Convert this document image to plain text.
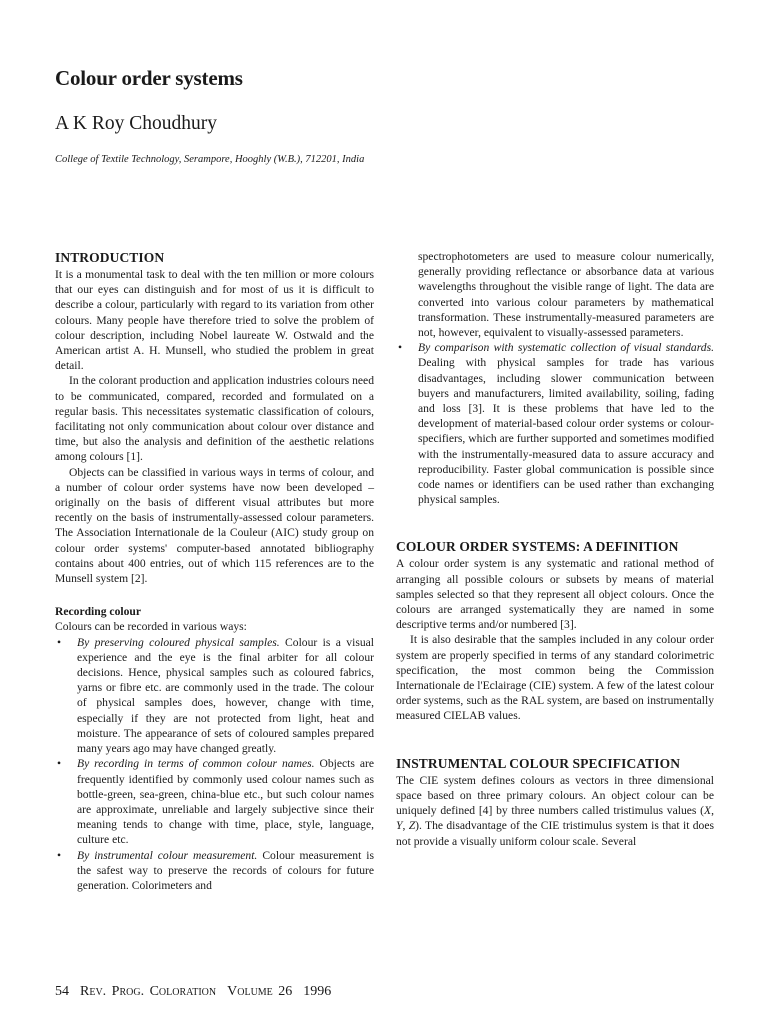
Colour order systems
A K Roy Choudhury
College of Textile Technology, Serampore, Hooghly (W.B.), 712201, India
INTRODUCTION

It is a monumental task to deal with the ten million or more colours that our eyes can distinguish and for most of us it is difficult to describe a colour, particularly with regard to its variation from other colours. Many people have therefore tried to solve the problem of colour description, including Nobel laureate W. Ostwald and the American artist A. H. Munsell, who studied the problem in great detail.

In the colorant production and application industries colours need to be communicated, compared, recorded and formulated on a regular basis. This necessitates systematic classification of colours, facilitating not only communication about colour over distance and time, but also the analysis and definition of the aesthetic relations among colours [1].

Objects can be classified in various ways in terms of colour, and a number of colour order systems have now been developed – originally on the basis of different visual attributes but more recently on the basis of instrumentally-assessed colour parameters. The Association Internationale de la Couleur (AIC) study group on colour order systems' computer-based annotated bibliography contains about 400 entries, out of which 115 references are to the Munsell system [2].

Recording colour

Colours can be recorded in various ways:

• By preserving coloured physical samples. Colour is a visual experience and the eye is the final arbiter for all colour decisions. Hence, physical samples such as coloured fabrics, yarns or fibre etc. are commonly used in the trade. The colour of physical samples does, however, change with time, especially if they are not protected from light, heat and moisture. The appearance of sets of coloured samples prepared many years ago may have changed greatly.
• By recording in terms of common colour names. Objects are frequently identified by commonly used colour names such as bottle-green, sea-green, china-blue etc., but such colour names are approximate, unreliable and largely subjective since their meaning tends to change with time, place, style, language, culture etc.
• By instrumental colour measurement. Colour measurement is the safest way to preserve the records of colours for future generation. Colorimeters and
spectrophotometers are used to measure colour numerically, generally providing reflectance or absorbance data at various wavelengths throughout the visible range of light. The data are converted into various colour parameters by mathematical transformation. These instrumentally-measured parameters are not, however, equivalent to visually-assessed parameters.
• By comparison with systematic collection of visual standards. Dealing with physical samples for trade has various disadvantages, including slower communication between buyers and manufacturers, limited availability, soiling, fading and loss [3]. It is these problems that have led to the development of material-based colour order systems or colour-specifiers, which are further supported and sometimes modified with the instrumentally-measured data to assure accuracy and reproducibility. Faster global communication is possible since code names or identifiers can be used rather than exchanging physical samples.
COLOUR ORDER SYSTEMS: A DEFINITION

A colour order system is any systematic and rational method of arranging all possible colours or subsets by means of material samples selected so that they represent all object colours. Once the colours are arranged systematically they are named in some descriptive terms and/or numbered [3].

It is also desirable that the samples included in any colour order system are properly specified in terms of any standard colorimetric specification, the most common being the Commission Internationale de l'Eclairage (CIE) system. A few of the latest colour order systems, such as the RAL system, are based on instrumentally measured CIELAB values.

INSTRUMENTAL COLOUR SPECIFICATION

The CIE system defines colours as vectors in three dimensional space based on three primary colours. An object colour can be uniquely defined [4] by three numbers called tristimulus values (X, Y, Z). The disadvantage of the CIE tristimulus system is that it does not provide a visually uniform colour scale. Several

54 Rev. Prog. Coloration Volume 26 1996
